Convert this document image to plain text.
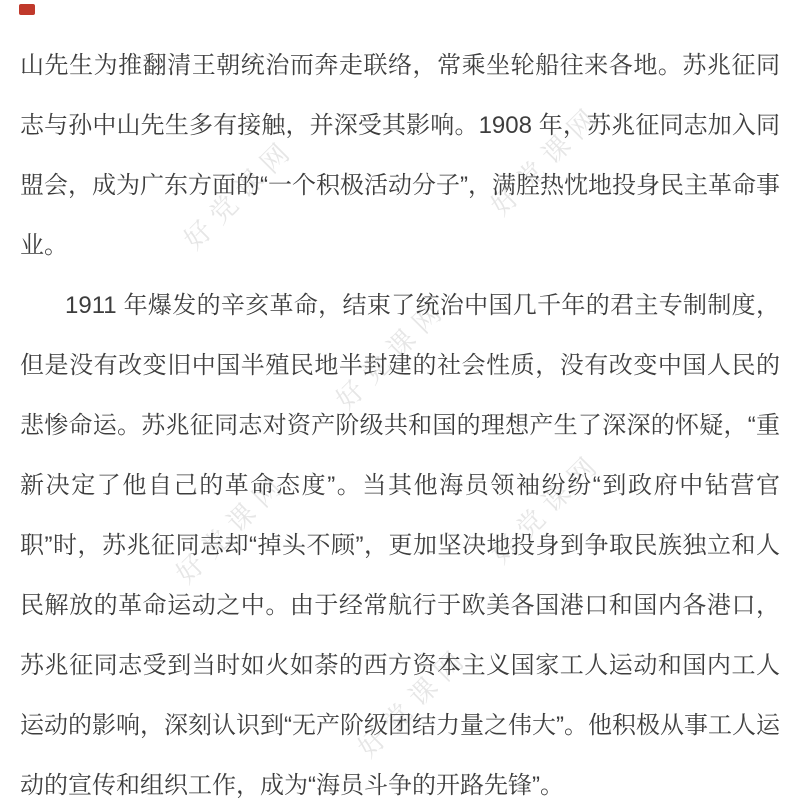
好党课网	好党课网
好党课网
好党课网	好党课网
好党课网

山先生为推翻清王朝统治而奔走联络，常乘坐轮船往来各地。苏兆征同志与孙中山先生多有接触，并深受其影响。1908 年，苏兆征同志加入同盟会，成为广东方面的“一个积极活动分子”，满腔热忱地投身民主革命事业。

1911 年爆发的辛亥革命，结束了统治中国几千年的君主专制制度，但是没有改变旧中国半殖民地半封建的社会性质，没有改变中国人民的悲惨命运。苏兆征同志对资产阶级共和国的理想产生了深深的怀疑，“重新决定了他自己的革命态度”。当其他海员领袖纷纷“到政府中钻营官职”时，苏兆征同志却“掉头不顾”，更加坚决地投身到争取民族独立和人民解放的革命运动之中。由于经常航行于欧美各国港口和国内各港口，苏兆征同志受到当时如火如荼的西方资本主义国家工人运动和国内工人运动的影响，深刻认识到“无产阶级团结力量之伟大”。他积极从事工人运动的宣传和组织工作，成为“海员斗争的开路先锋”。
